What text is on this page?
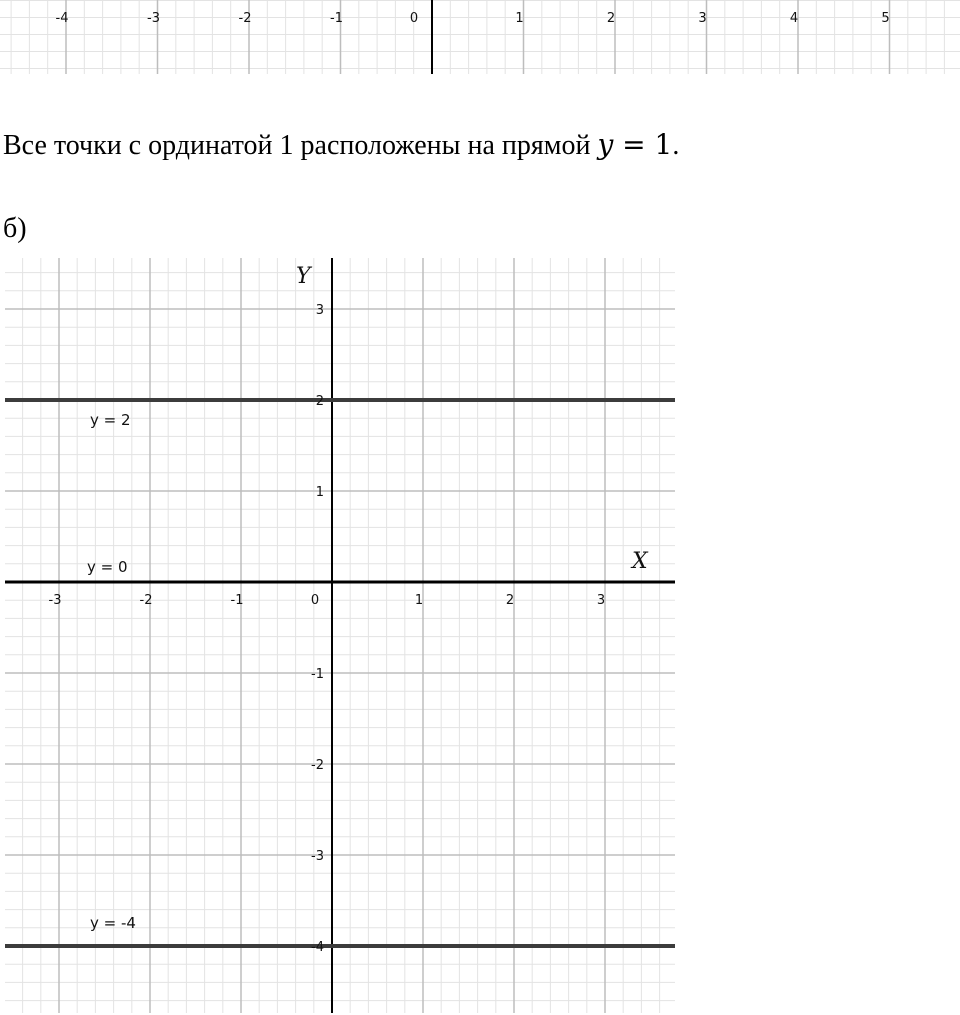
-4	-3	-2	-1	0	1	2	3	4	5

Все точки с ординатой 1 расположены на прямой y = 1.

б)

y = 2
y = 0
y = -4
-3	-2	-1	0	1	2	3
3
2
1
-1
-2
-3
-4
Y
X
